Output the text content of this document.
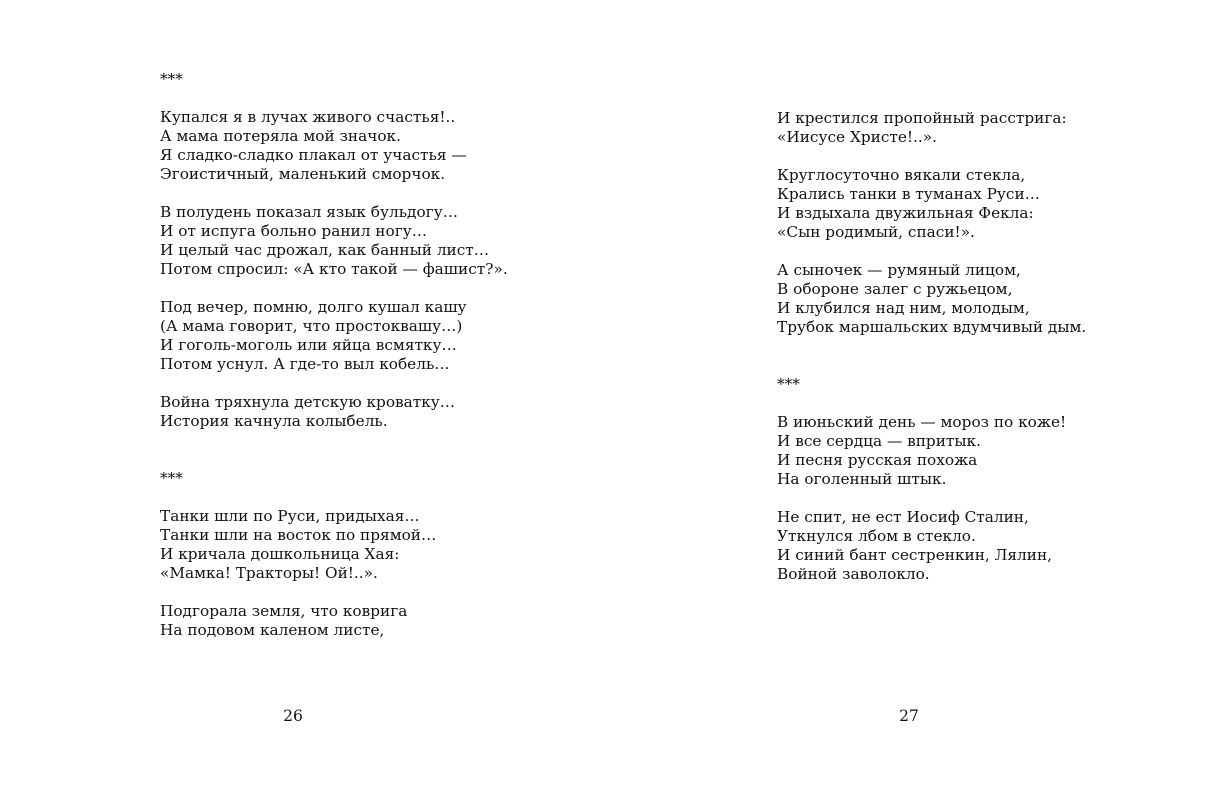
***
Купался я в лучах живого счастья!..
А мама потеряла мой значок.
Я сладко-сладко плакал от участья —
Эгоистичный, маленький сморчок.
В полудень показал язык бульдогу…
И от испуга больно ранил ногу…
И целый час дрожал, как банный лист…
Потом спросил: «А кто такой — фашист?».
Под вечер, помню, долго кушал кашу
(А мама говорит, что простоквашу…)
И гоголь-моголь или яйца всмятку…
Потом уснул. А где-то выл кобель…
Война тряхнула детскую кроватку…
История качнула колыбель.
***
Танки шли по Руси, придыхая…
Танки шли на восток по прямой…
И кричала дошкольница Хая:
«Мамка! Тракторы! Ой!..».
Подгорала земля, что коврига
На подовом каленом листе,
26
И крестился пропойный расстрига:
«Иисусе Христе!..».
Круглосуточно вякали стекла,
Крались танки в туманах Руси…
И вздыхала двужильная Фекла:
«Сын родимый, спаси!».
А сыночек — румяный лицом,
В обороне залег с ружьецом,
И клубился над ним, молодым,
Трубок маршальских вдумчивый дым.
***
В июньский день — мороз по коже!
И все сердца — впритык.
И песня русская похожа
На оголенный штык.
Не спит, не ест Иосиф Сталин,
Уткнулся лбом в стекло.
И синий бант сестренкин, Лялин,
Войной заволокло.
27
